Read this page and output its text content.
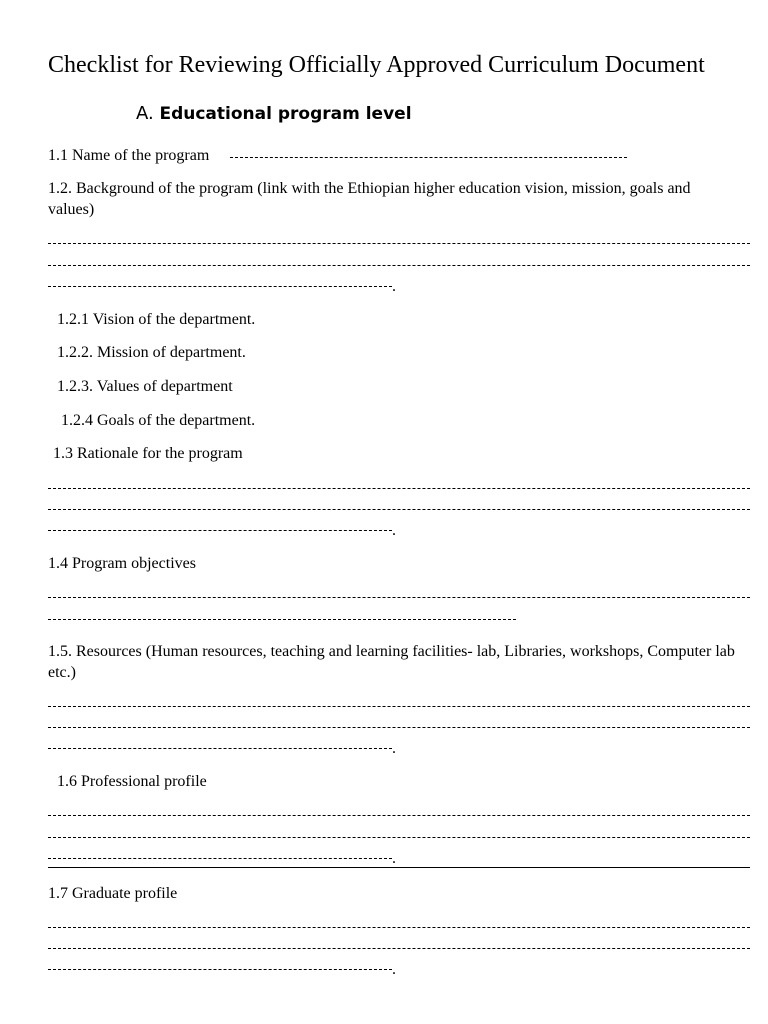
Checklist for Reviewing Officially Approved Curriculum Document
A. Educational program level
1.1 Name of the program
1.2. Background of the program (link with the Ethiopian higher education vision, mission, goals and values)
.
1.2.1 Vision of the department.
1.2.2. Mission of department.
1.2.3. Values of department
1.2.4 Goals of the department.
1.3 Rationale for the program
.
1.4 Program objectives
1.5. Resources (Human resources, teaching and learning facilities- lab, Libraries, workshops, Computer lab etc.)
.
1.6 Professional profile
.
1.7 Graduate profile
.
